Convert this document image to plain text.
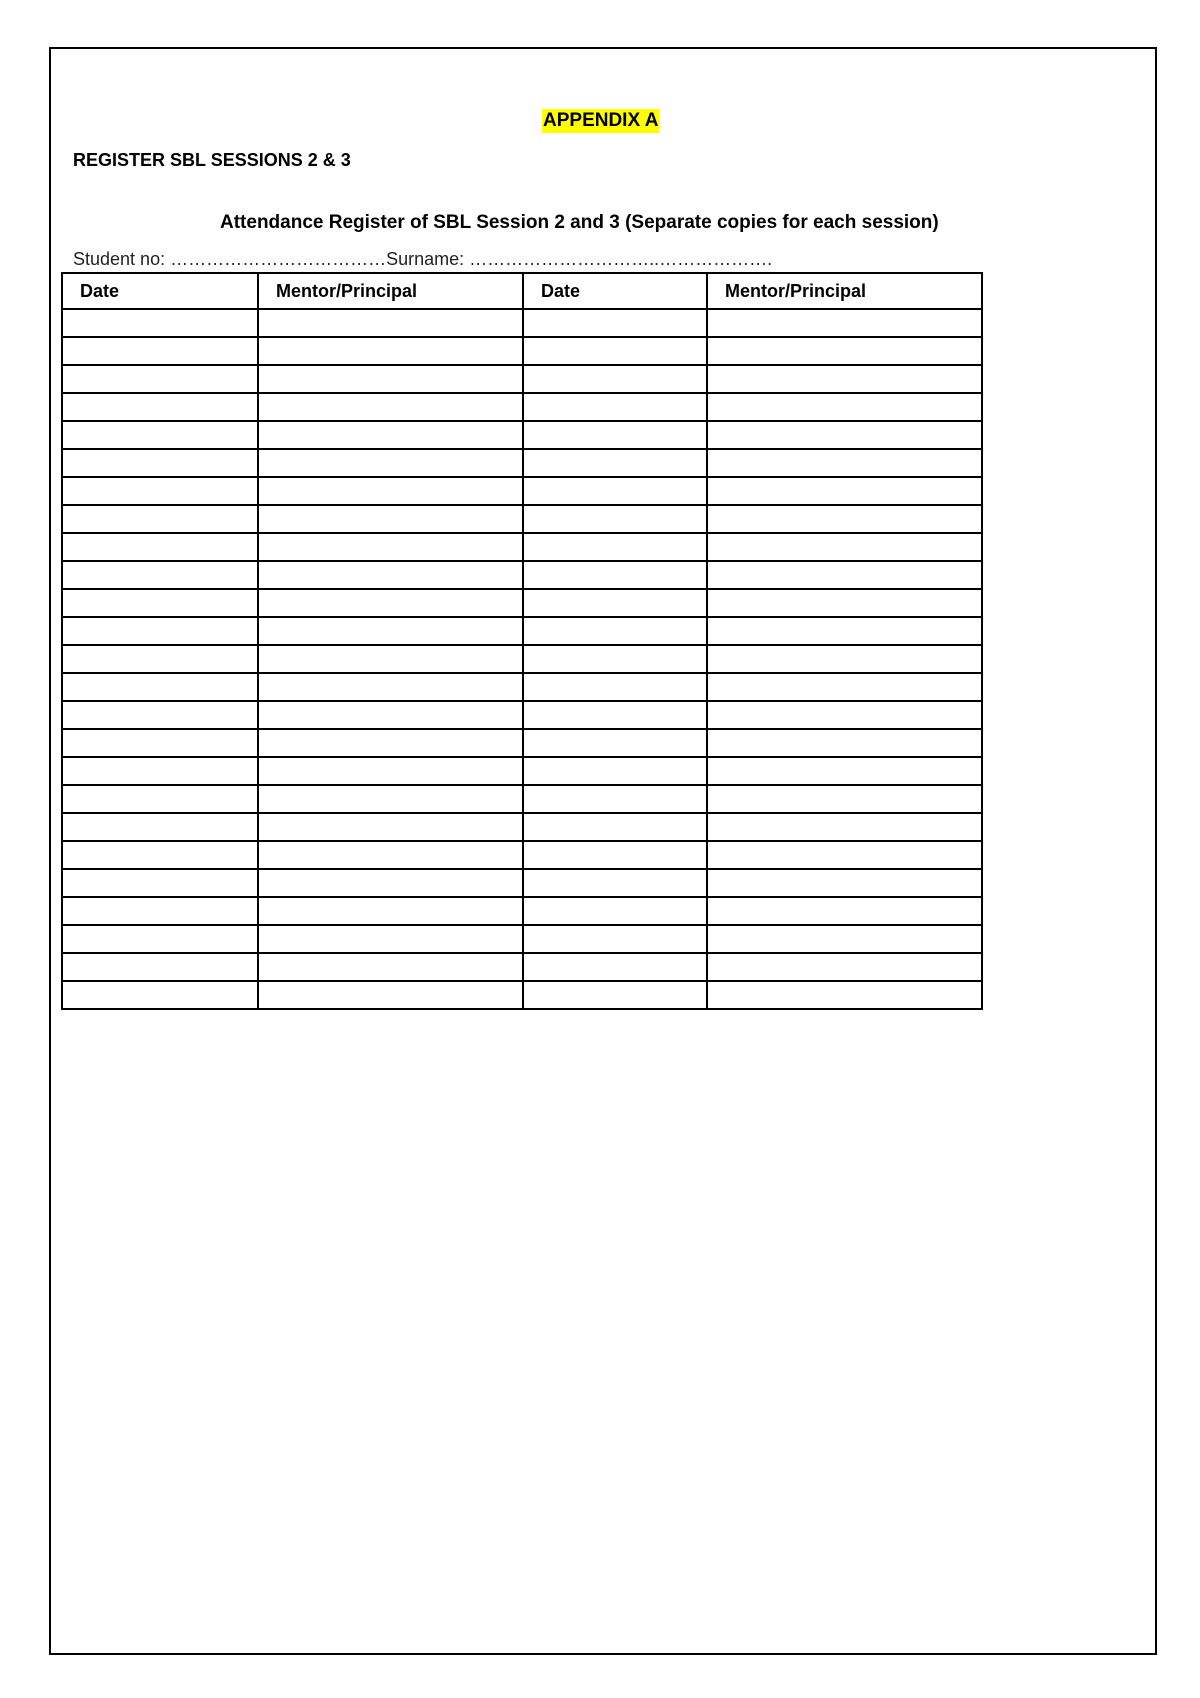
APPENDIX A
REGISTER SBL SESSIONS 2 & 3
Attendance Register of SBL Session 2 and 3 (Separate copies for each session)
Student no: ………………………………Surname: …………………………..……………….
Date	Mentor/Principal	Date	Mentor/Principal
